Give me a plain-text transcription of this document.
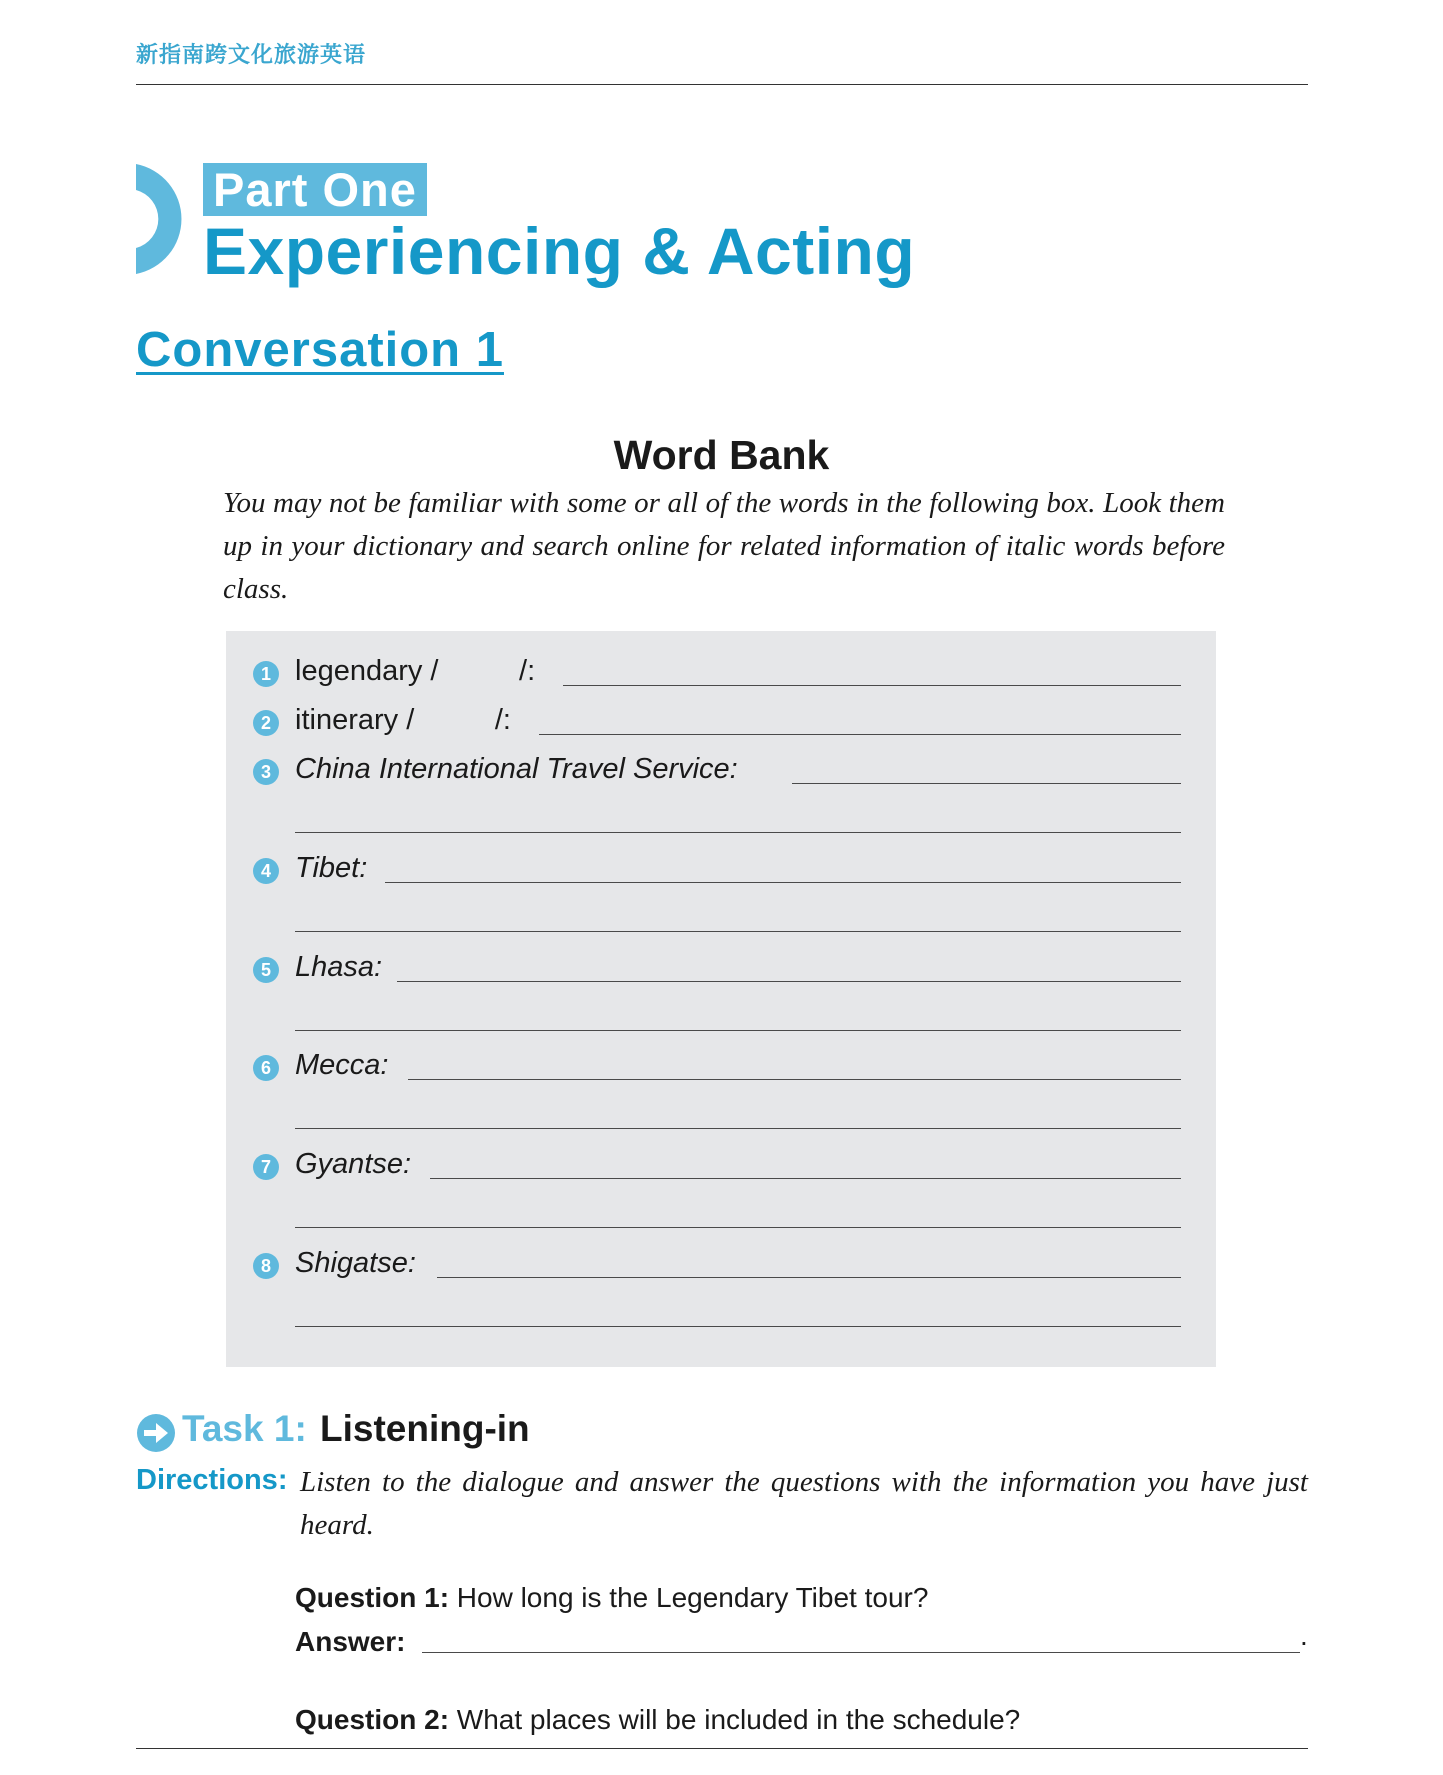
新指南跨文化旅游英语
Part One
Experiencing & Acting
Conversation 1
Word Bank
You may not be familiar with some or all of the words in the following box. Look them up in your dictionary and search online for related information of italic words before class.
1 legendary /          /:
2 itinerary /          /:
3 China International Travel Service:
4 Tibet:
5 Lhasa:
6 Mecca:
7 Gyantse:
8 Shigatse:
Task 1: Listening-in
Directions: Listen to the dialogue and answer the questions with the information you have just heard.
Question 1: How long is the Legendary Tibet tour?
Answer:	.
Question 2: What places will be included in the schedule?
